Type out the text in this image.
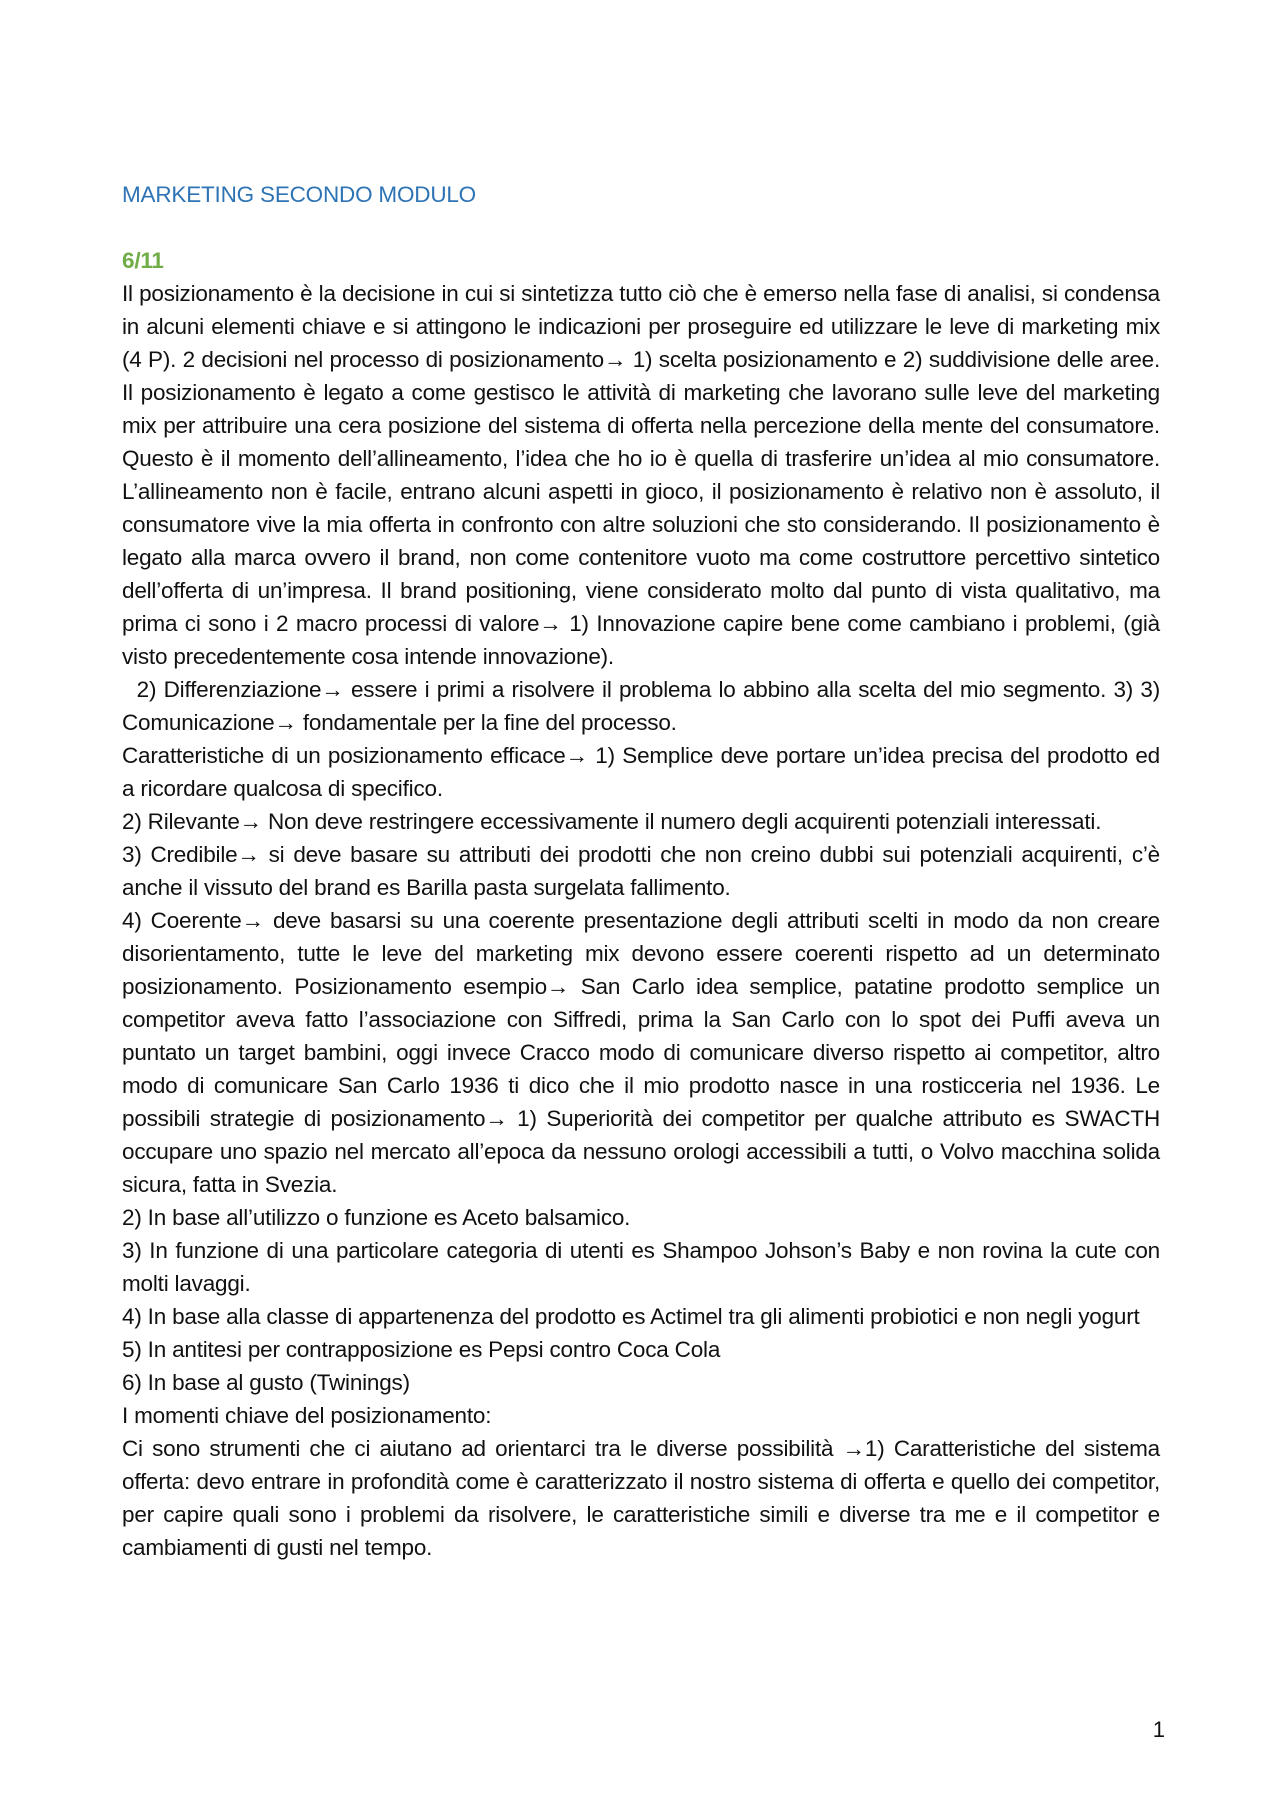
MARKETING SECONDO MODULO
6/11

Il posizionamento è la decisione in cui si sintetizza tutto ciò che è emerso nella fase di analisi, si condensa in alcuni elementi chiave e si attingono le indicazioni per proseguire ed utilizzare le leve di marketing mix (4 P). 2 decisioni nel processo di posizionamento→ 1) scelta posizionamento e 2) suddivisione delle aree. Il posizionamento è legato a come gestisco le attività di marketing che lavorano sulle leve del marketing mix per attribuire una cera posizione del sistema di offerta nella percezione della mente del consumatore. Questo è il momento dell’allineamento, l’idea che ho io è quella di trasferire un’idea al mio consumatore. L’allineamento non è facile, entrano alcuni aspetti in gioco, il posizionamento è relativo non è assoluto, il consumatore vive la mia offerta in confronto con altre soluzioni che sto considerando. Il posizionamento è legato alla marca ovvero il brand, non come contenitore vuoto ma come costruttore percettivo sintetico dell’offerta di un’impresa. Il brand positioning, viene considerato molto dal punto di vista qualitativo, ma prima ci sono i 2 macro processi di valore→ 1) Innovazione capire bene come cambiano i problemi, (già visto precedentemente cosa intende innovazione).

2) Differenziazione→ essere i primi a risolvere il problema lo abbino alla scelta del mio segmento. 3) 3) Comunicazione→ fondamentale per la fine del processo.

Caratteristiche di un posizionamento efficace→ 1) Semplice deve portare un’idea precisa del prodotto ed a ricordare qualcosa di specifico.

2) Rilevante→ Non deve restringere eccessivamente il numero degli acquirenti potenziali interessati.

3) Credibile→ si deve basare su attributi dei prodotti che non creino dubbi sui potenziali acquirenti, c’è anche il vissuto del brand es Barilla pasta surgelata fallimento.

4) Coerente→ deve basarsi su una coerente presentazione degli attributi scelti in modo da non creare disorientamento, tutte le leve del marketing mix devono essere coerenti rispetto ad un determinato posizionamento. Posizionamento esempio→ San Carlo idea semplice, patatine prodotto semplice un competitor aveva fatto l’associazione con Siffredi, prima la San Carlo con lo spot dei Puffi aveva un puntato un target bambini, oggi invece Cracco modo di comunicare diverso rispetto ai competitor, altro modo di comunicare San Carlo 1936 ti dico che il mio prodotto nasce in una rosticceria nel 1936. Le possibili strategie di posizionamento→ 1) Superiorità dei competitor per qualche attributo es SWACTH occupare uno spazio nel mercato all’epoca da nessuno orologi accessibili a tutti, o Volvo macchina solida sicura, fatta in Svezia.

2) In base all’utilizzo o funzione es Aceto balsamico.

3) In funzione di una particolare categoria di utenti es Shampoo Johson’s Baby e non rovina la cute con molti lavaggi.

4) In base alla classe di appartenenza del prodotto es Actimel tra gli alimenti probiotici e non negli yogurt

5) In antitesi per contrapposizione es Pepsi contro Coca Cola

6) In base al gusto (Twinings)

I momenti chiave del posizionamento:

Ci sono strumenti che ci aiutano ad orientarci tra le diverse possibilità →1) Caratteristiche del sistema offerta: devo entrare in profondità come è caratterizzato il nostro sistema di offerta e quello dei competitor, per capire quali sono i problemi da risolvere, le caratteristiche simili e diverse tra me e il competitor e cambiamenti di gusti nel tempo.

1
